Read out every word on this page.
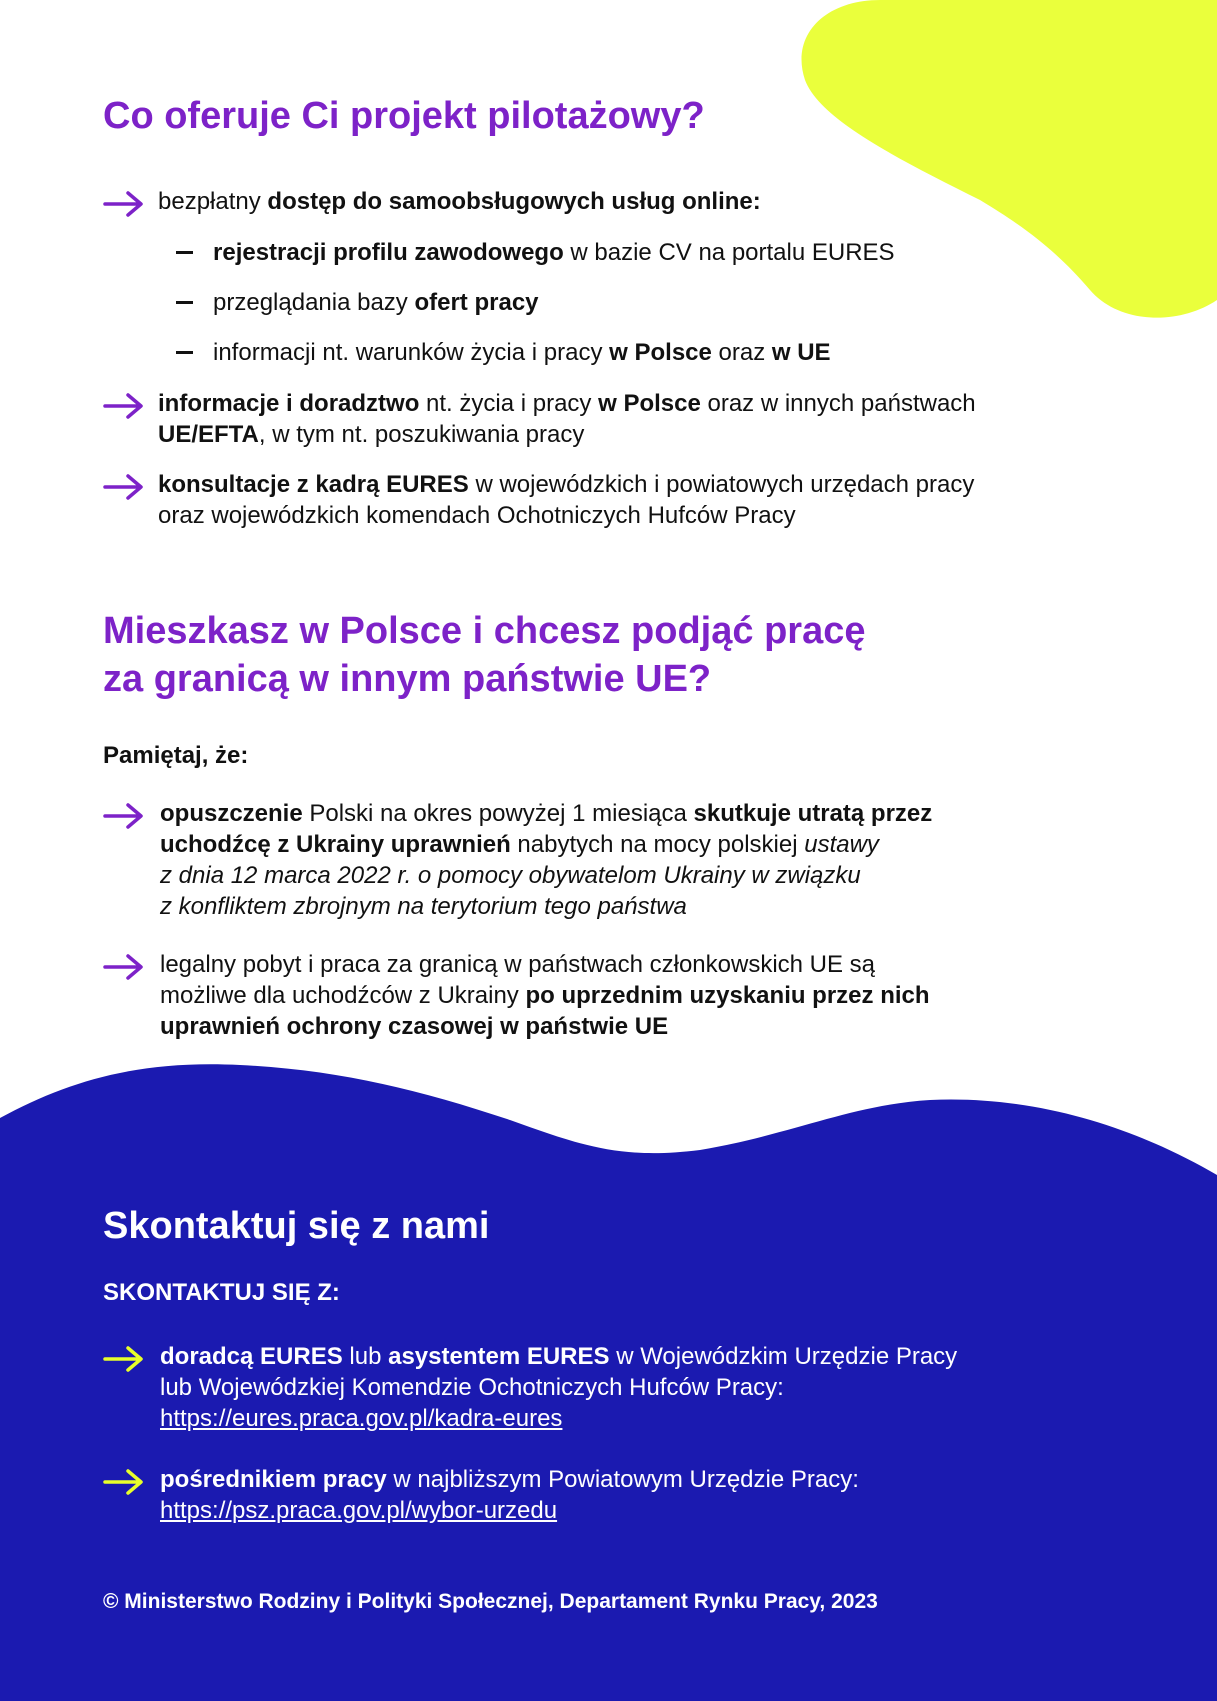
Co oferuje Ci projekt pilotażowy?
bezpłatny dostęp do samoobsługowych usług online:
rejestracji profilu zawodowego w bazie CV na portalu EURES
przeglądania bazy ofert pracy
informacji nt. warunków życia i pracy w Polsce oraz w UE
informacje i doradztwo nt. życia i pracy w Polsce oraz w innych państwach
UE/EFTA, w tym nt. poszukiwania pracy
konsultacje z kadrą EURES w wojewódzkich i powiatowych urzędach pracy
oraz wojewódzkich komendach Ochotniczych Hufców Pracy
Mieszkasz w Polsce i chcesz podjąć pracę
za granicą w innym państwie UE?
Pamiętaj, że:
opuszczenie Polski na okres powyżej 1 miesiąca skutkuje utratą przez
uchodźcę z Ukrainy uprawnień nabytych na mocy polskiej ustawy
z dnia 12 marca 2022 r. o pomocy obywatelom Ukrainy w związku
z konfliktem zbrojnym na terytorium tego państwa
legalny pobyt i praca za granicą w państwach członkowskich UE są
możliwe dla uchodźców z Ukrainy po uprzednim uzyskaniu przez nich
uprawnień ochrony czasowej w państwie UE
Skontaktuj się z nami
SKONTAKTUJ SIĘ Z:
doradcą EURES lub asystentem EURES w Wojewódzkim Urzędzie Pracy
lub Wojewódzkiej Komendzie Ochotniczych Hufców Pracy:
https://eures.praca.gov.pl/kadra-eures
pośrednikiem pracy w najbliższym Powiatowym Urzędzie Pracy:
https://psz.praca.gov.pl/wybor-urzedu
© Ministerstwo Rodziny i Polityki Społecznej, Departament Rynku Pracy, 2023
